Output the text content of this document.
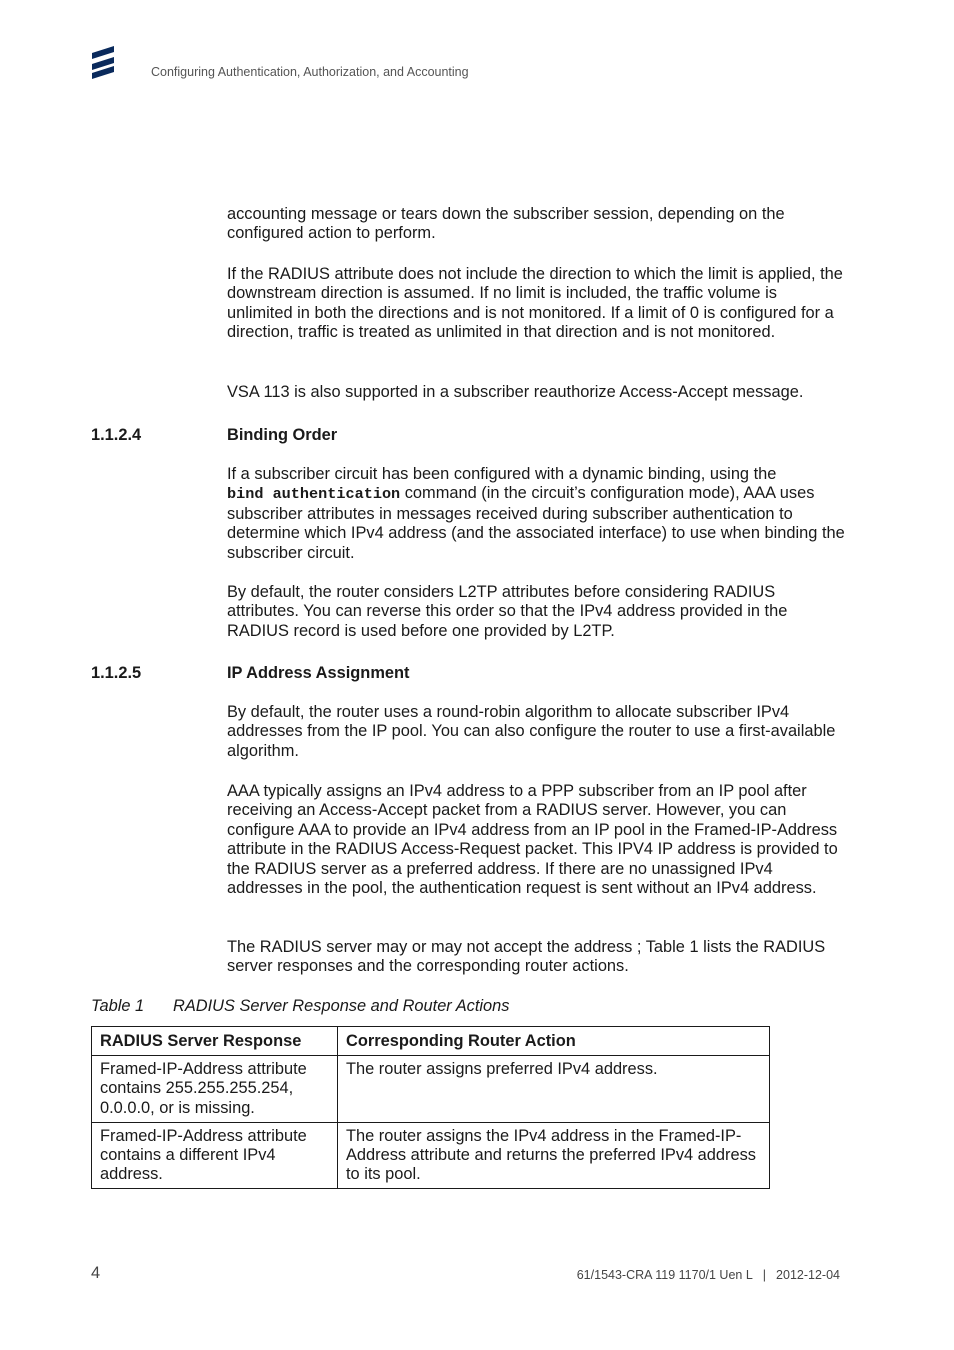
Configuring Authentication, Authorization, and Accounting

accounting message or tears down the subscriber session, depending on the configured action to perform.

If the RADIUS attribute does not include the direction to which the limit is applied, the downstream direction is assumed. If no limit is included, the traffic volume is unlimited in both the directions and is not monitored. If a limit of 0 is configured for a direction, traffic is treated as unlimited in that direction and is not monitored.

VSA 113 is also supported in a subscriber reauthorize Access-Accept message.

1.1.2.4	Binding Order

If a subscriber circuit has been configured with a dynamic binding, using the
bind authentication command (in the circuit’s configuration mode), AAA uses subscriber attributes in messages received during subscriber authentication to determine which IPv4 address (and the associated interface) to use when binding the subscriber circuit.

By default, the router considers L2TP attributes before considering RADIUS attributes. You can reverse this order so that the IPv4 address provided in the RADIUS record is used before one provided by L2TP.

1.1.2.5	IP Address Assignment

By default, the router uses a round-robin algorithm to allocate subscriber IPv4 addresses from the IP pool. You can also configure the router to use a first-available algorithm.

AAA typically assigns an IPv4 address to a PPP subscriber from an IP pool after receiving an Access-Accept packet from a RADIUS server. However, you can configure AAA to provide an IPv4 address from an IP pool in the Framed-IP-Address attribute in the RADIUS Access-Request packet. This IPV4 IP address is provided to the RADIUS server as a preferred address. If there are no unassigned IPv4 addresses in the pool, the authentication request is sent without an IPv4 address.

The RADIUS server may or may not accept the address ; Table 1 lists the RADIUS server responses and the corresponding router actions.

Table 1 RADIUS Server Response and Router Actions
RADIUS Server Response	Corresponding Router Action
Framed-IP-Address attribute contains 255.255.255.254, 0.0.0.0, or is missing.	The router assigns preferred IPv4 address.
Framed-IP-Address attribute contains a different IPv4 address.	The router assigns the IPv4 address in the Framed-IP-Address attribute and returns the preferred IPv4 address to its pool.
4	61/1543-CRA 119 1170/1 Uen L | 2012-12-04
